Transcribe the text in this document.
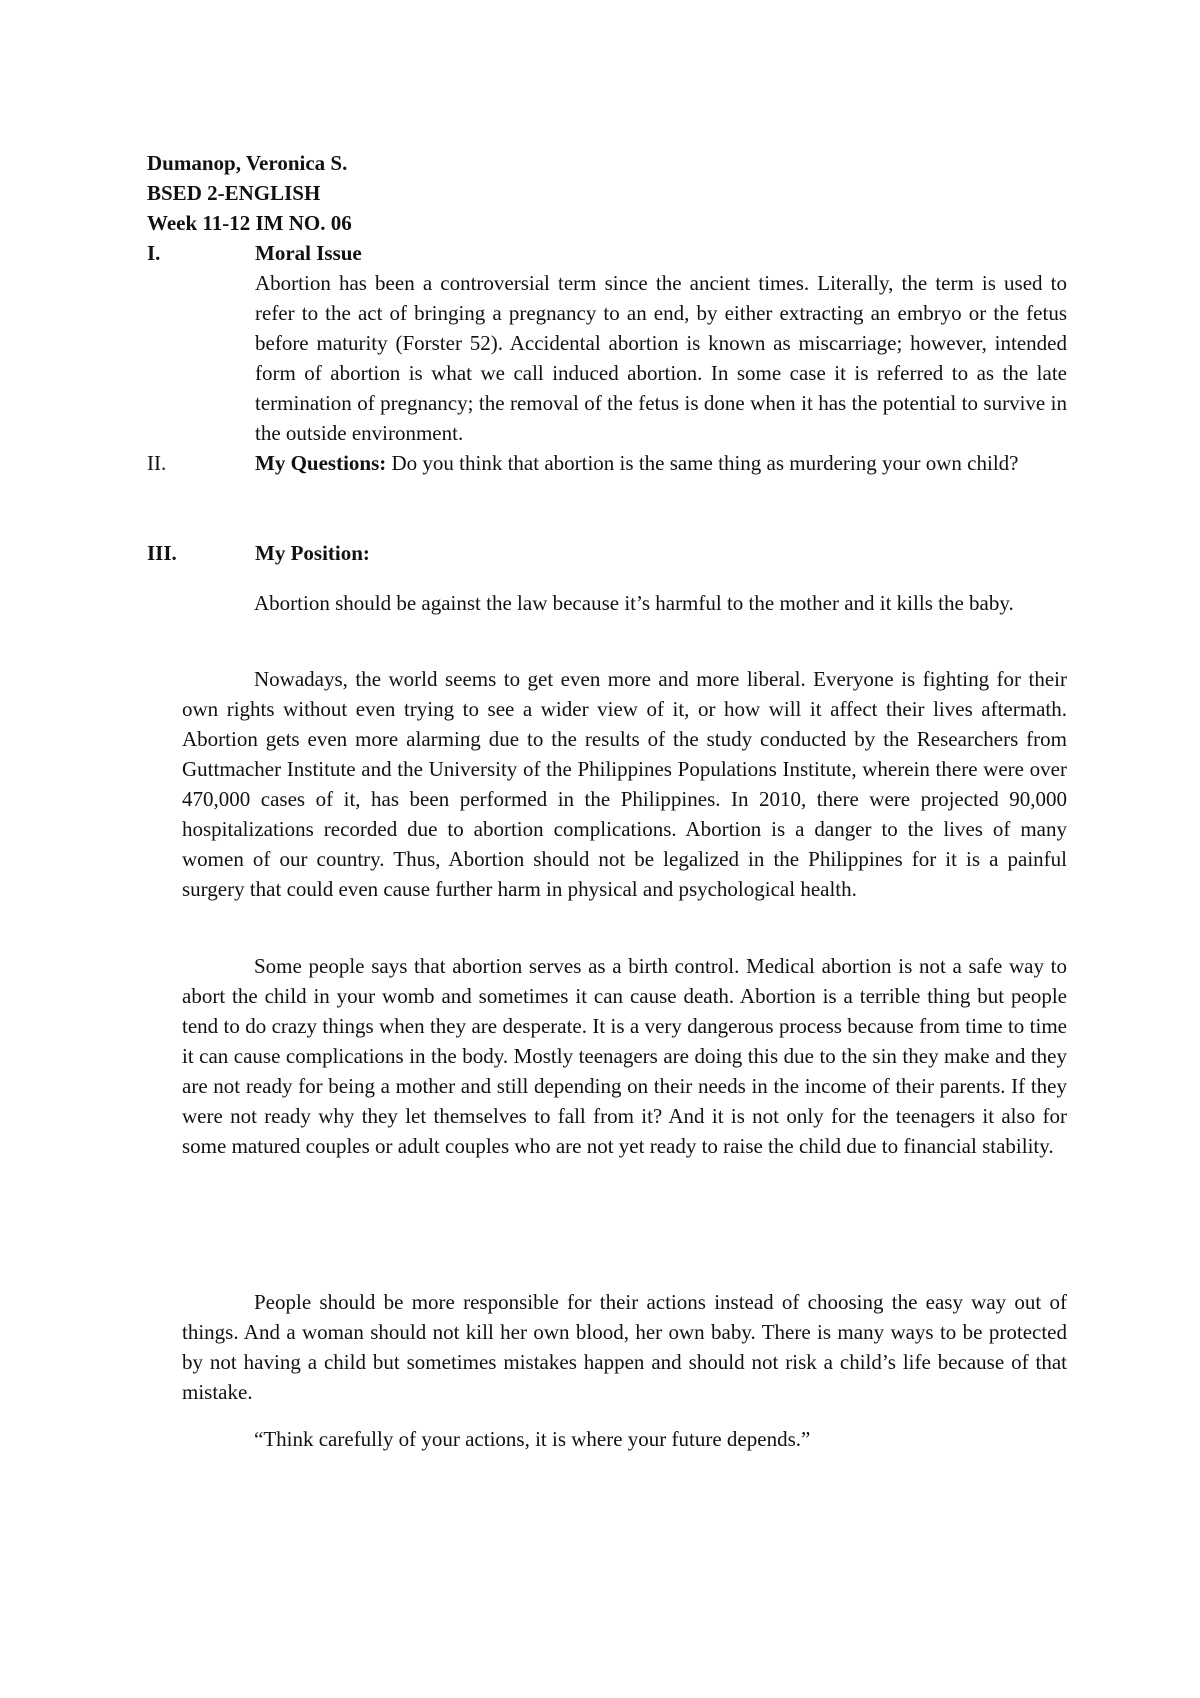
Dumanop, Veronica S.
BSED 2-ENGLISH
Week 11-12 IM NO. 06
I.	Moral Issue
Abortion has been a controversial term since the ancient times. Literally, the term is used to refer to the act of bringing a pregnancy to an end, by either extracting an embryo or the fetus before maturity (Forster 52). Accidental abortion is known as miscarriage; however, intended form of abortion is what we call induced abortion. In some case it is referred to as the late termination of pregnancy; the removal of the fetus is done when it has the potential to survive in the outside environment.
II.	My Questions: Do you think that abortion is the same thing as murdering your own child?
III.	My Position:
Abortion should be against the law because it’s harmful to the mother and it kills the baby.
Nowadays, the world seems to get even more and more liberal. Everyone is fighting for their own rights without even trying to see a wider view of it, or how will it affect their lives aftermath. Abortion gets even more alarming due to the results of the study conducted by the Researchers from Guttmacher Institute and the University of the Philippines Populations Institute, wherein there were over 470,000 cases of it, has been performed in the Philippines. In 2010, there were projected 90,000 hospitalizations recorded due to abortion complications. Abortion is a danger to the lives of many women of our country. Thus, Abortion should not be legalized in the Philippines for it is a painful surgery that could even cause further harm in physical and psychological health.
Some people says that abortion serves as a birth control. Medical abortion is not a safe way to abort the child in your womb and sometimes it can cause death. Abortion is a terrible thing but people tend to do crazy things when they are desperate. It is a very dangerous process because from time to time it can cause complications in the body. Mostly teenagers are doing this due to the sin they make and they are not ready for being a mother and still depending on their needs in the income of their parents. If they were not ready why they let themselves to fall from it? And it is not only for the teenagers it also for some matured couples or adult couples who are not yet ready to raise the child due to financial stability.
People should be more responsible for their actions instead of choosing the easy way out of things. And a woman should not kill her own blood, her own baby. There is many ways to be protected by not having a child but sometimes mistakes happen and should not risk a child’s life because of that mistake.
“Think carefully of your actions, it is where your future depends.”
